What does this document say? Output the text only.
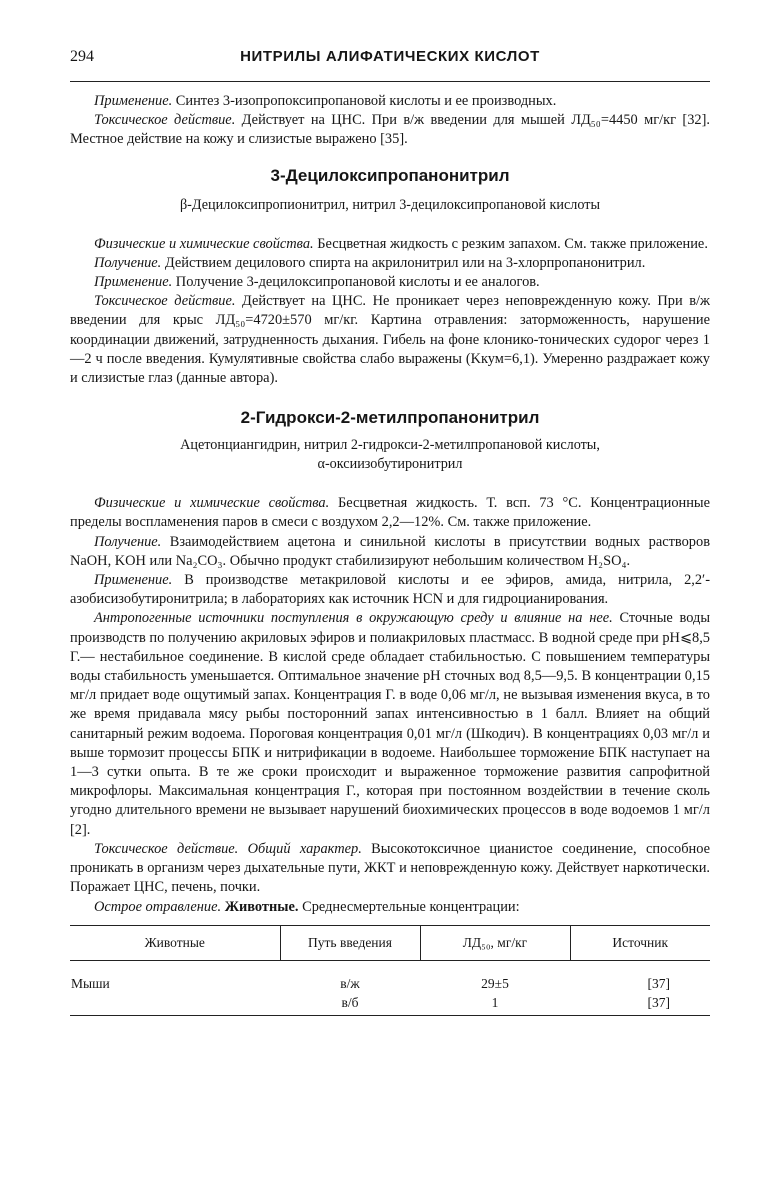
294	НИТРИЛЫ АЛИФАТИЧЕСКИХ КИСЛОТ

Применение. Синтез 3-изопропоксипропановой кислоты и ее производных.

Токсическое действие. Действует на ЦНС. При в/ж введении для мышей ЛД₅₀=4450 мг/кг [32]. Местное действие на кожу и слизистые выражено [35].

3-Децилоксипропанонитрил
β-Децилоксипропионитрил, нитрил 3-децилоксипропановой кислоты

Физические и химические свойства. Бесцветная жидкость с резким запахом. См. также приложение.

Получение. Действием децилового спирта на акрилонитрил или на 3-хлорпропанонитрил.

Применение. Получение 3-децилоксипропановой кислоты и ее аналогов.

Токсическое действие. Действует на ЦНС. Не проникает через неповрежденную кожу. При в/ж введении для крыс ЛД₅₀=4720±570 мг/кг. Картина отравления: заторможенность, нарушение координации движений, затрудненность дыхания. Гибель на фоне клонико-тонических судорог через 1—2 ч после введения. Кумулятивные свойства слабо выражены (Kкум=6,1). Умеренно раздражает кожу и слизистые глаз (данные автора).

2-Гидрокси-2-метилпропанонитрил
Ацетонциангидрин, нитрил 2-гидрокси-2-метилпропановой кислоты,
α-оксиизобутиронитрил

Физические и химические свойства. Бесцветная жидкость. Т. всп. 73 °С. Концентрационные пределы воспламенения паров в смеси с воздухом 2,2—12%. См. также приложение.

Получение. Взаимодействием ацетона и синильной кислоты в присутствии водных растворов NaOH, KOH или Na₂CO₃. Обычно продукт стабилизируют небольшим количеством H₂SO₄.

Применение. В производстве метакриловой кислоты и ее эфиров, амида, нитрила, 2,2′-азобисизобутиронитрила; в лабораториях как источник HCN и для гидроцианирования.

Антропогенные источники поступления в окружающую среду и влияние на нее. Сточные воды производств по получению акриловых эфиров и полиакриловых пластмасс. В водной среде при pH⩽8,5 Г.— нестабильное соединение. В кислой среде обладает стабильностью. С повышением температуры воды стабильность уменьшается. Оптимальное значение pH сточных вод 8,5—9,5. В концентрации 0,15 мг/л придает воде ощутимый запах. Концентрация Г. в воде 0,06 мг/л, не вызывая изменения вкуса, в то же время придавала мясу рыбы посторонний запах интенсивностью в 1 балл. Влияет на общий санитарный режим водоема. Пороговая концентрация 0,01 мг/л (Шкодич). В концентрациях 0,03 мг/л и выше тормозит процессы БПК и нитрификации в водоеме. Наибольшее торможение БПК наступает на 1—3 сутки опыта. В те же сроки происходит и выраженное торможение развития сапрофитной микрофлоры. Максимальная концентрация Г., которая при постоянном воздействии в течение сколь угодно длительного времени не вызывает нарушений биохимических процессов в воде водоемов 1 мг/л [2].

Токсическое действие. Общий характер. Высокотоксичное цианистое соединение, способное проникать в организм через дыхательные пути, ЖКТ и неповрежденную кожу. Действует наркотически. Поражает ЦНС, печень, почки.

Острое отравление. Животные. Среднесмертельные концентрации:

Животные	Путь введения	ЛД₅₀, мг/кг	Источник
Мыши	в/ж	29±5	[37]
	в/б	1	[37]
